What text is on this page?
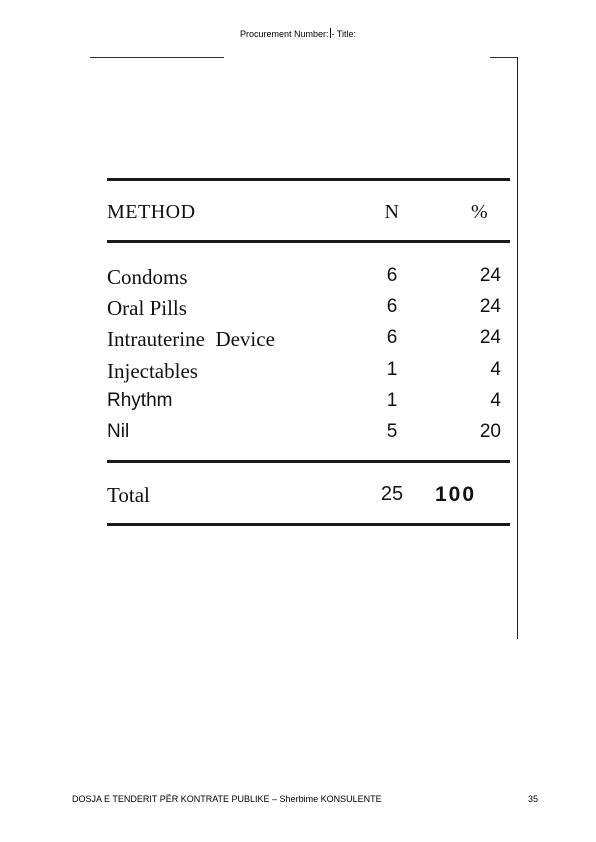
Procurement Number: - Title:
METHOD	N	%
Condoms	6	24
Oral Pills	6	24
Intrauterine  Device	6	24
Injectables	1	4
Rhythm	1	4
Nil	5	20
Total	25	100
DOSJA E TENDERIT PËR KONTRATE PUBLIKE – Sherbime KONSULENTE	35
